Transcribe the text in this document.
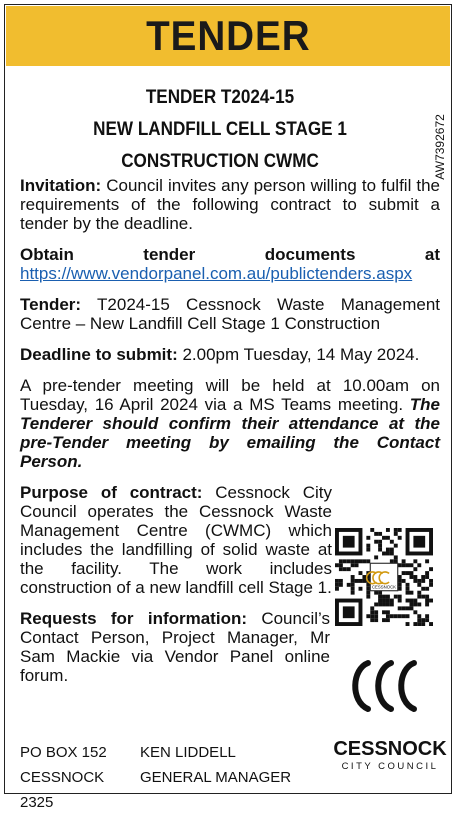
TENDER
TENDER T2024-15
NEW LANDFILL CELL STAGE 1
CONSTRUCTION CWMC	AW7392672
Invitation: Council invites any person willing to fulfil the requirements of the following contract to submit a tender by the deadline.
Obtain	tender	documents	at
https://www.vendorpanel.com.au/publictenders.aspx
Tender: T2024-15 Cessnock Waste Management Centre – New Landfill Cell Stage 1 Construction
Deadline to submit: 2.00pm Tuesday, 14 May 2024.
A pre-tender meeting will be held at 10.00am on Tuesday, 16 April 2024 via a MS Teams meeting. The Tenderer should confirm their attendance at the pre-Tender meeting by emailing the Contact Person.
Purpose of contract: Cessnock City Council operates the Cessnock Waste Management Centre (CWMC) which includes the landfilling of solid waste at the facility. The work includes construction of a new landfill cell Stage 1.
Requests for information: Council’s Contact Person, Project Manager, Mr Sam Mackie via Vendor Panel online forum.
CESSNOCK
CESSNOCK
CITY COUNCIL
PO BOX 152	KEN LIDDELL
CESSNOCK 2325
GENERAL MANAGER
